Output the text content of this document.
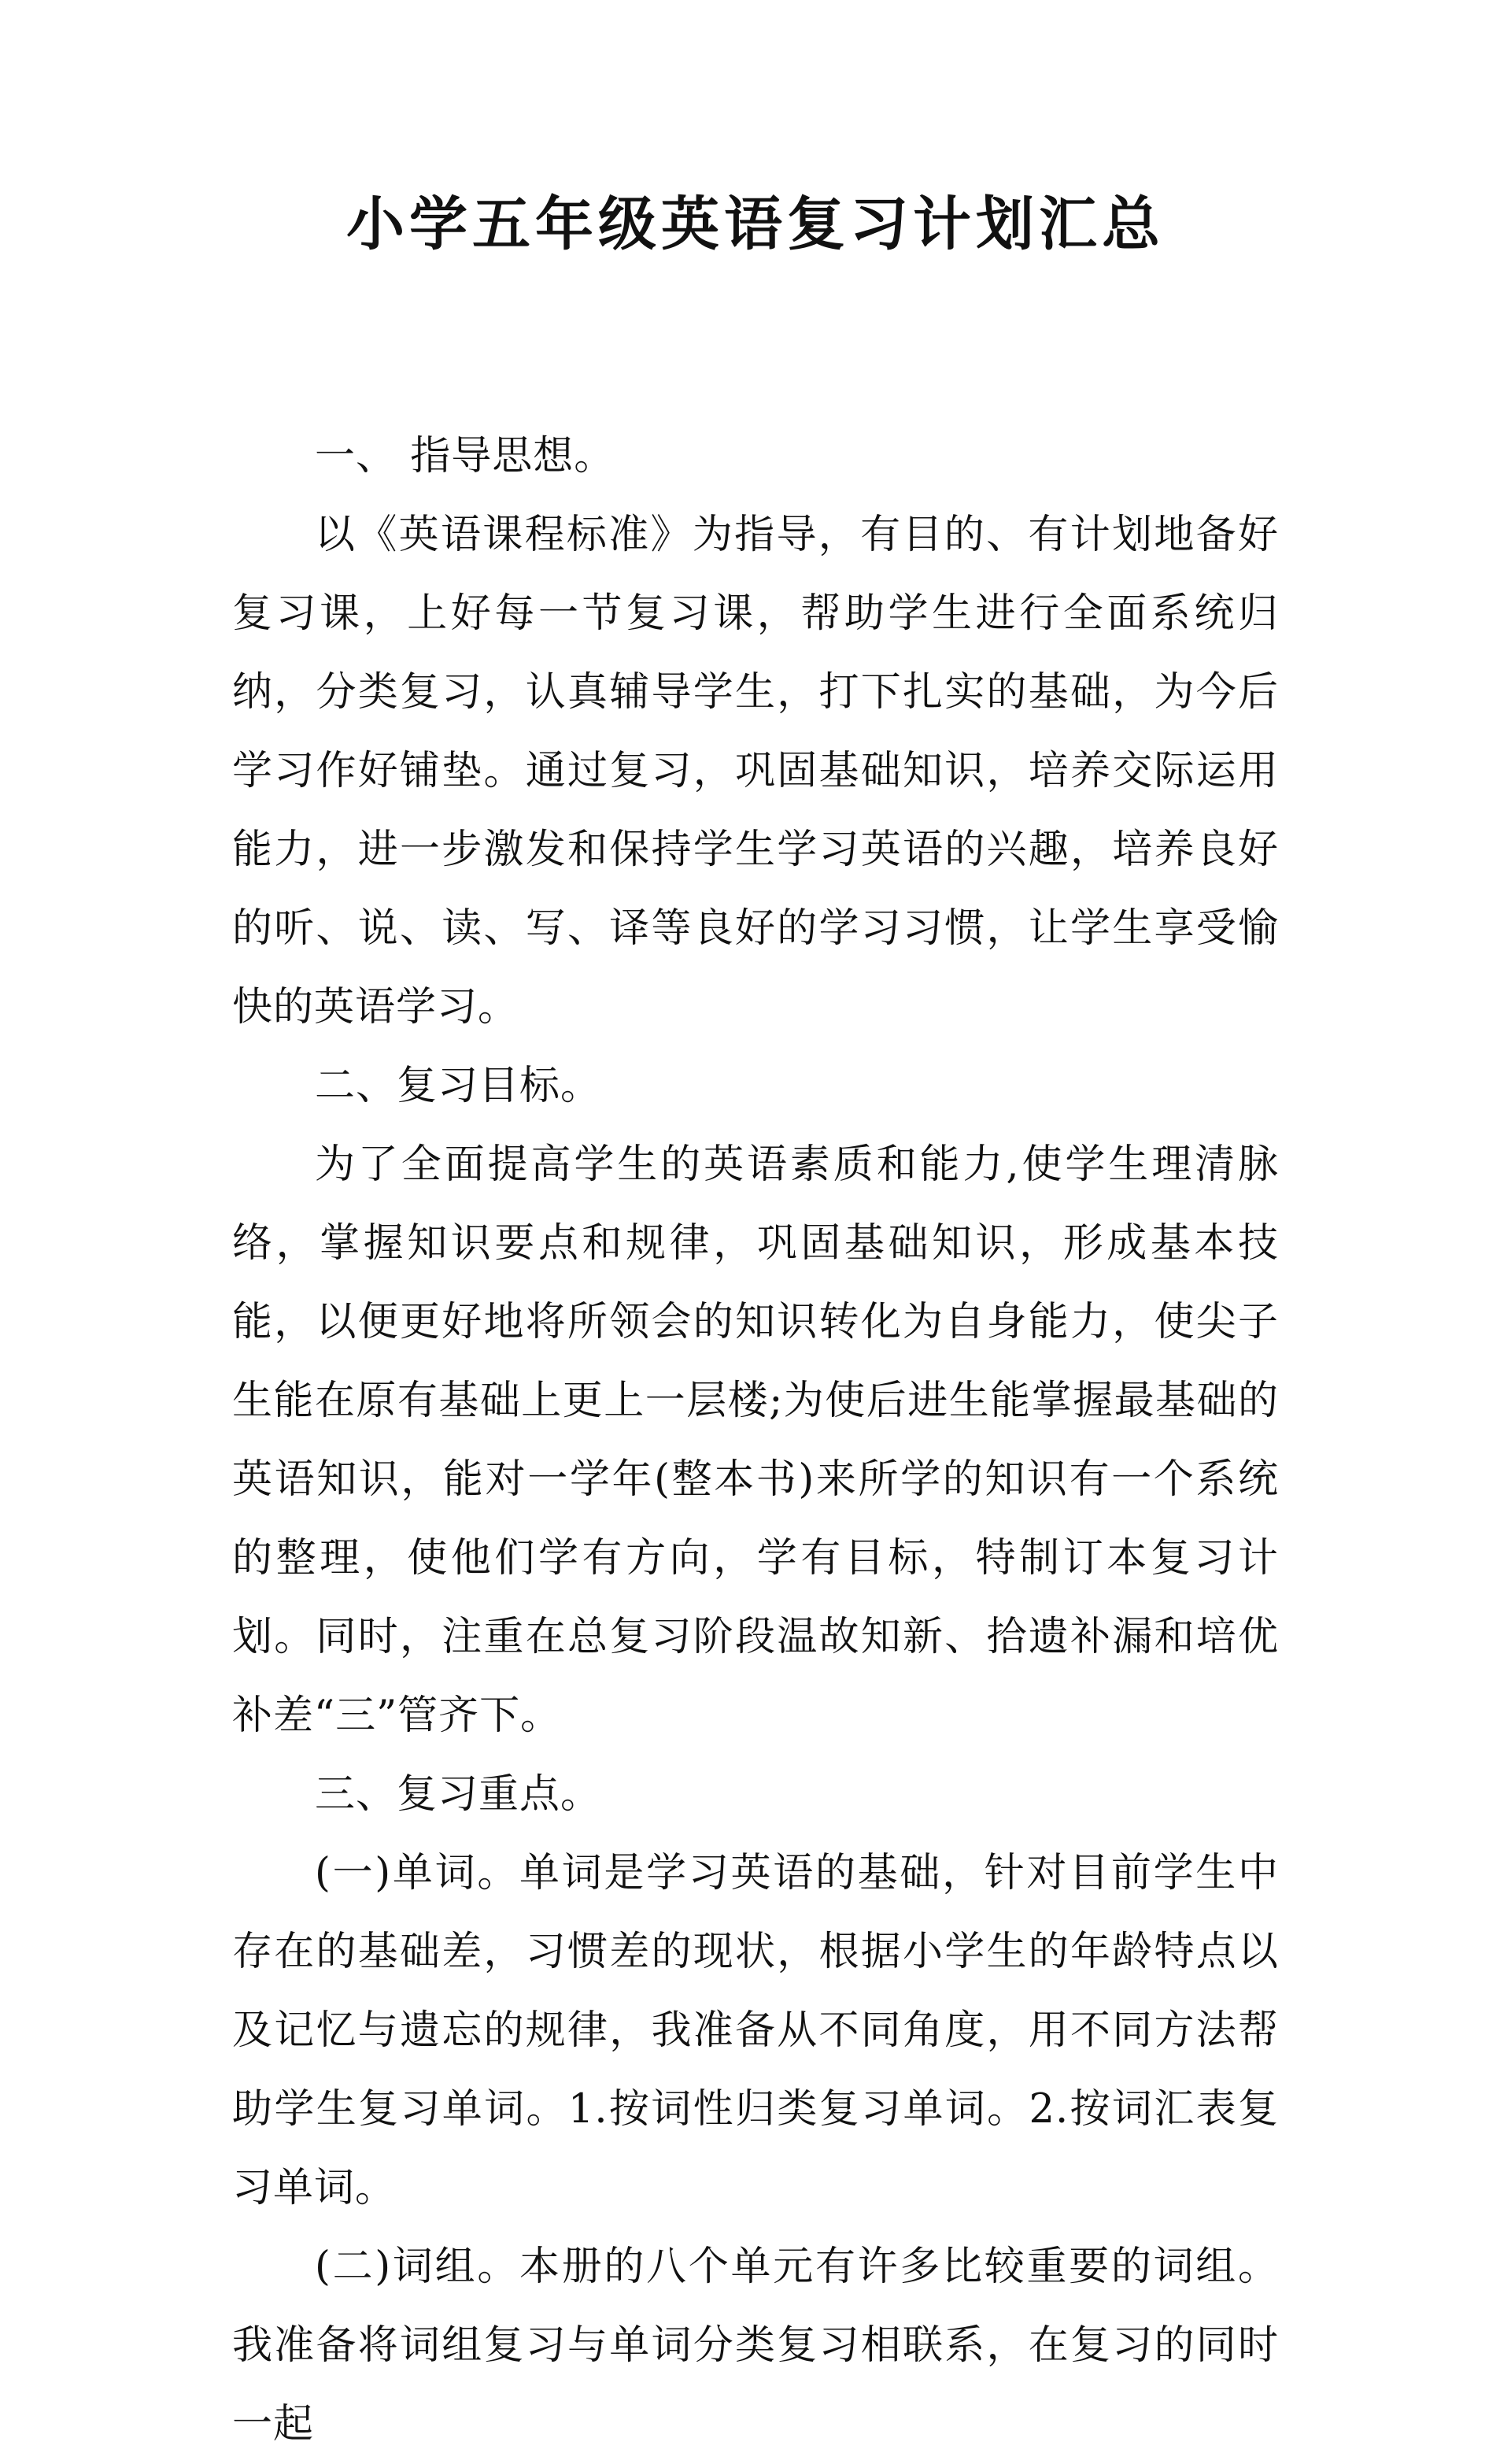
小学五年级英语复习计划汇总

一、 指导思想。

以《英语课程标准》为指导，有目的、有计划地备好复习课，上好每一节复习课，帮助学生进行全面系统归纳，分类复习，认真辅导学生，打下扎实的基础，为今后学习作好铺垫。通过复习，巩固基础知识，培养交际运用能力，进一步激发和保持学生学习英语的兴趣，培养良好的听、说、读、写、译等良好的学习习惯，让学生享受愉快的英语学习。

二、复习目标。

为了全面提高学生的英语素质和能力,使学生理清脉络，掌握知识要点和规律，巩固基础知识，形成基本技能，以便更好地将所领会的知识转化为自身能力，使尖子生能在原有基础上更上一层楼;为使后进生能掌握最基础的英语知识，能对一学年(整本书)来所学的知识有一个系统的整理，使他们学有方向，学有目标，特制订本复习计划。同时，注重在总复习阶段温故知新、拾遗补漏和培优补差“三”管齐下。

三、复习重点。

(一)单词。单词是学习英语的基础，针对目前学生中存在的基础差，习惯差的现状，根据小学生的年龄特点以及记忆与遗忘的规律，我准备从不同角度，用不同方法帮助学生复习单词。1.按词性归类复习单词。2.按词汇表复习单词。

(二)词组。本册的八个单元有许多比较重要的词组。我准备将词组复习与单词分类复习相联系，在复习的同时一起
